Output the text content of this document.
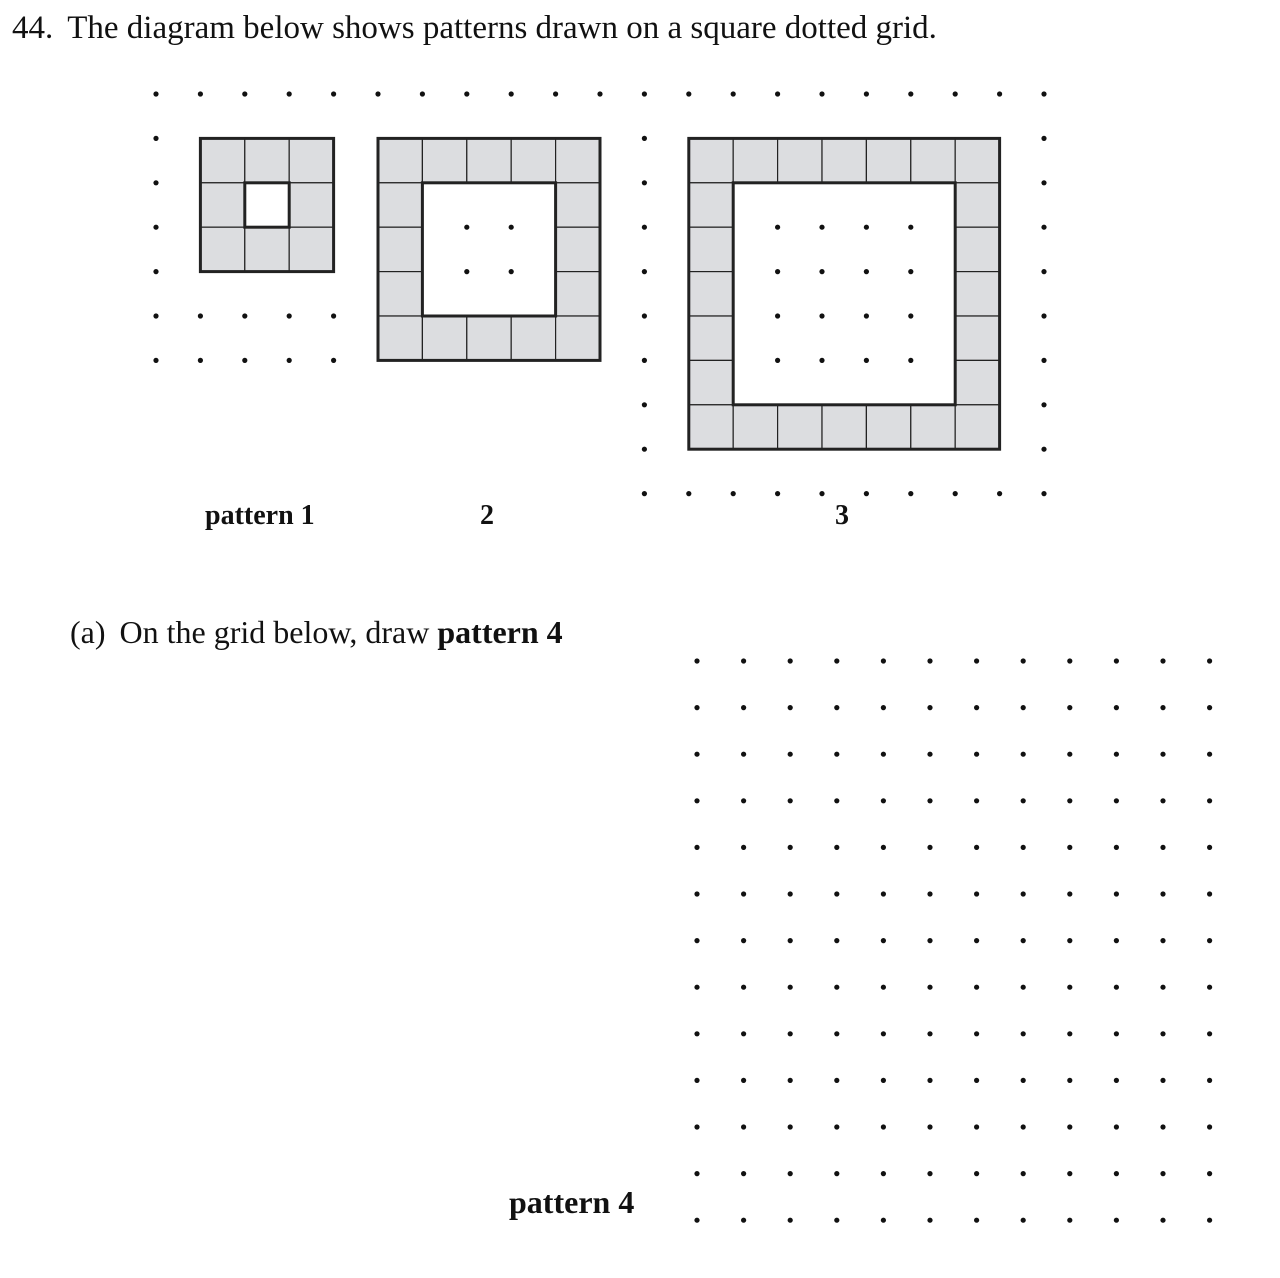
44. The diagram below shows patterns drawn on a square dotted grid.
pattern 1	2	3
(a) On the grid below, draw pattern 4
pattern 4
